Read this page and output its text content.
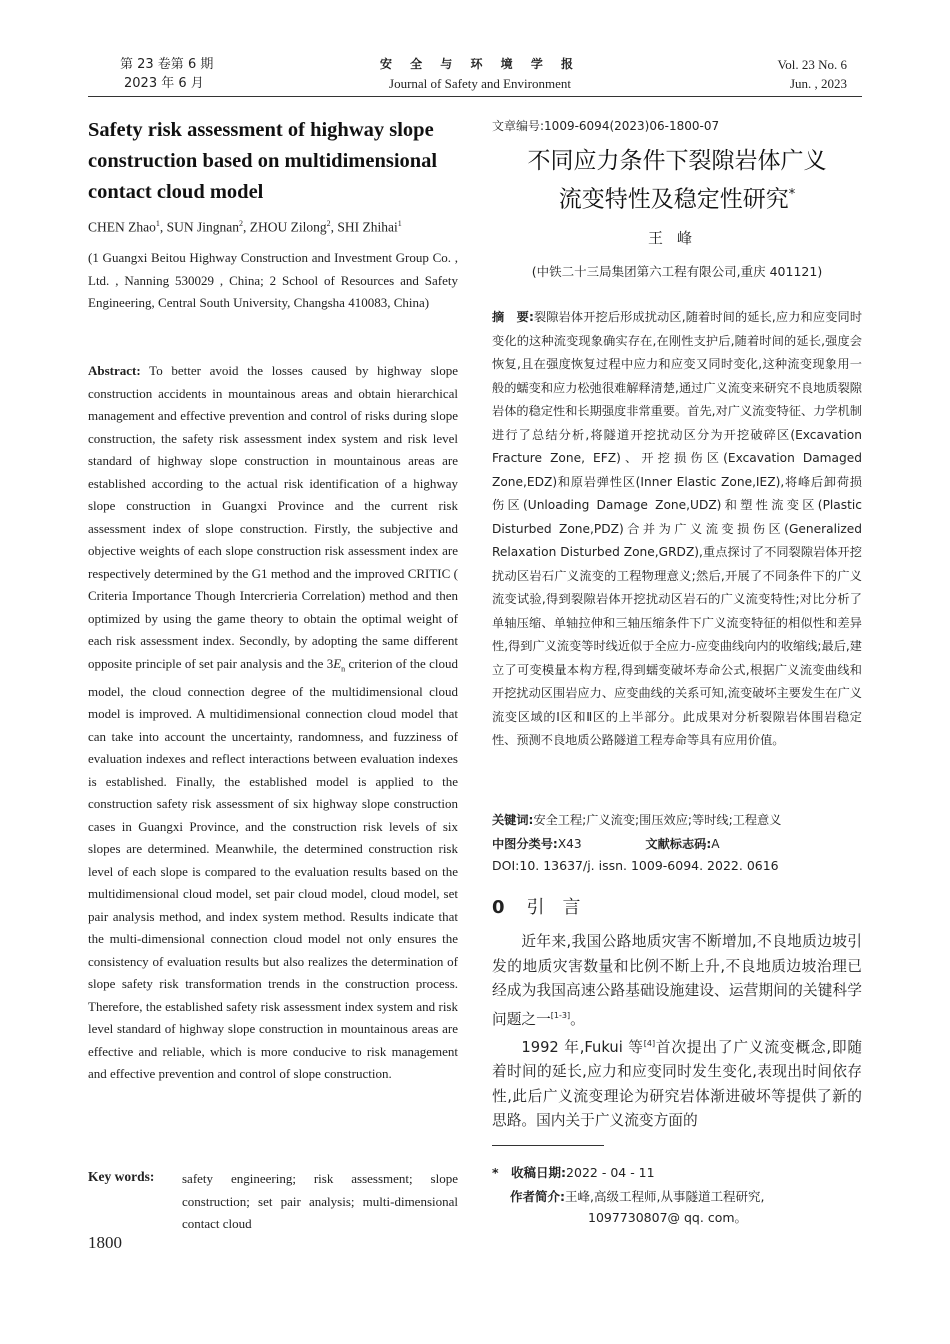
第 23 卷第 6 期
2023 年 6 月
安 全 与 环 境 学 报
Journal of Safety and Environment
Vol. 23 No. 6
Jun. , 2023
Safety risk assessment of highway slope construction based on multidimensional contact cloud model
CHEN Zhao$^1$, SUN Jingnan$^2$, ZHOU Zilong$^2$, SHI Zhihai$^1$
(1 Guangxi Beitou Highway Construction and Investment Group Co. , Ltd. , Nanning 530029 , China; 2 School of Resources and Safety Engineering, Central South University, Changsha 410083, China)
Abstract: To better avoid the losses caused by highway slope construction accidents in mountainous areas and obtain hierarchical management and effective prevention and control of risks during slope construction, the safety risk assessment index system and risk level standard of highway slope construction in mountainous areas are established according to the actual risk identification of a highway slope construction in Guangxi Province and the current risk assessment index of slope construction. Firstly, the subjective and objective weights of each slope construction risk assessment index are respectively determined by the G1 method and the improved CRITIC ( Criteria Importance Though Intercrieria Correlation) method and then optimized by using the game theory to obtain the optimal weight of each risk assessment index. Secondly, by adopting the same different opposite principle of set pair analysis and the $3E_n$ criterion of the cloud model, the cloud connection degree of the multidimensional cloud model is improved. A multidimensional connection cloud model that can take into account the uncertainty, randomness, and fuzziness of evaluation indexes and reflect interactions between evaluation indexes is established. Finally, the established model is applied to the construction safety risk assessment of six highway slope construction cases in Guangxi Province, and the construction risk levels of six slopes are determined. Meanwhile, the determined construction risk level of each slope is compared to the evaluation results based on the multidimensional cloud model, set pair cloud model, cloud model, set pair analysis method, and index system method. Results indicate that the multi-dimensional connection cloud model not only ensures the consistency of evaluation results but also realizes the determination of slope safety risk transformation trends in the construction process. Therefore, the established safety risk assessment index system and risk level standard of highway slope construction in mountainous areas are effective and reliable, which is more conducive to risk management and effective prevention and control of slope construction.
Key words: safety engineering; risk assessment; slope construction; set pair analysis; multi-dimensional contact cloud
1800
文章编号:1009-6094(2023)06-1800-07
不同应力条件下裂隙岩体广义
流变特性及稳定性研究*
王峰
(中铁二十三局集团第六工程有限公司,重庆 401121)
摘　要:裂隙岩体开挖后形成扰动区,随着时间的延长,应力和应变同时变化的这种流变现象确实存在,在刚性支护后,随着时间的延长,强度会恢复,且在强度恢复过程中应力和应变又同时变化,这种流变现象用一般的蠕变和应力松弛很难解释清楚,通过广义流变来研究不良地质裂隙岩体的稳定性和长期强度非常重要。首先,对广义流变特征、力学机制进行了总结分析,将隧道开挖扰动区分为开挖破碎区(Excavation Fracture Zone, EFZ)、开挖损伤区(Excavation Damaged Zone,EDZ)和原岩弹性区(Inner Elastic Zone,IEZ),将峰后卸荷损伤区(Unloading Damage Zone,UDZ)和塑性流变区(Plastic Disturbed Zone,PDZ)合并为广义流变损伤区(Generalized Relaxation Disturbed Zone,GRDZ),重点探讨了不同裂隙岩体开挖扰动区岩石广义流变的工程物理意义;然后,开展了不同条件下的广义流变试验,得到裂隙岩体开挖扰动区岩石的广义流变特性;对比分析了单轴压缩、单轴拉伸和三轴压缩条件下广义流变特征的相似性和差异性,得到广义流变等时线近似于全应力-应变曲线向内的收缩线;最后,建立了可变模量本构方程,得到蠕变破坏寿命公式,根据广义流变曲线和开挖扰动区围岩应力、应变曲线的关系可知,流变破坏主要发生在广义流变区域的Ⅰ区和Ⅱ区的上半部分。此成果对分析裂隙岩体围岩稳定性、预测不良地质公路隧道工程寿命等具有应用价值。
关键词:安全工程;广义流变;围压效应;等时线;工程意义
中图分类号:X43	文献标志码:A
DOI:10. 13637/j. issn. 1009-6094. 2022. 0616
0 引言

近年来,我国公路地质灾害不断增加,不良地质边坡引发的地质灾害数量和比例不断上升,不良地质边坡治理已经成为我国高速公路基础设施建设、运营期间的关键科学问题之一[1-3]。

1992 年,Fukui 等[4]首次提出了广义流变概念,即随着时间的延长,应力和应变同时发生变化,表现出时间依存性,此后广义流变理论为研究岩体渐进破坏等提供了新的思路。国内关于广义流变方面的

*　收稿日期:2022 - 04 - 11
作者简介:王峰,高级工程师,从事隧道工程研究,
1097730807@ qq. com。
